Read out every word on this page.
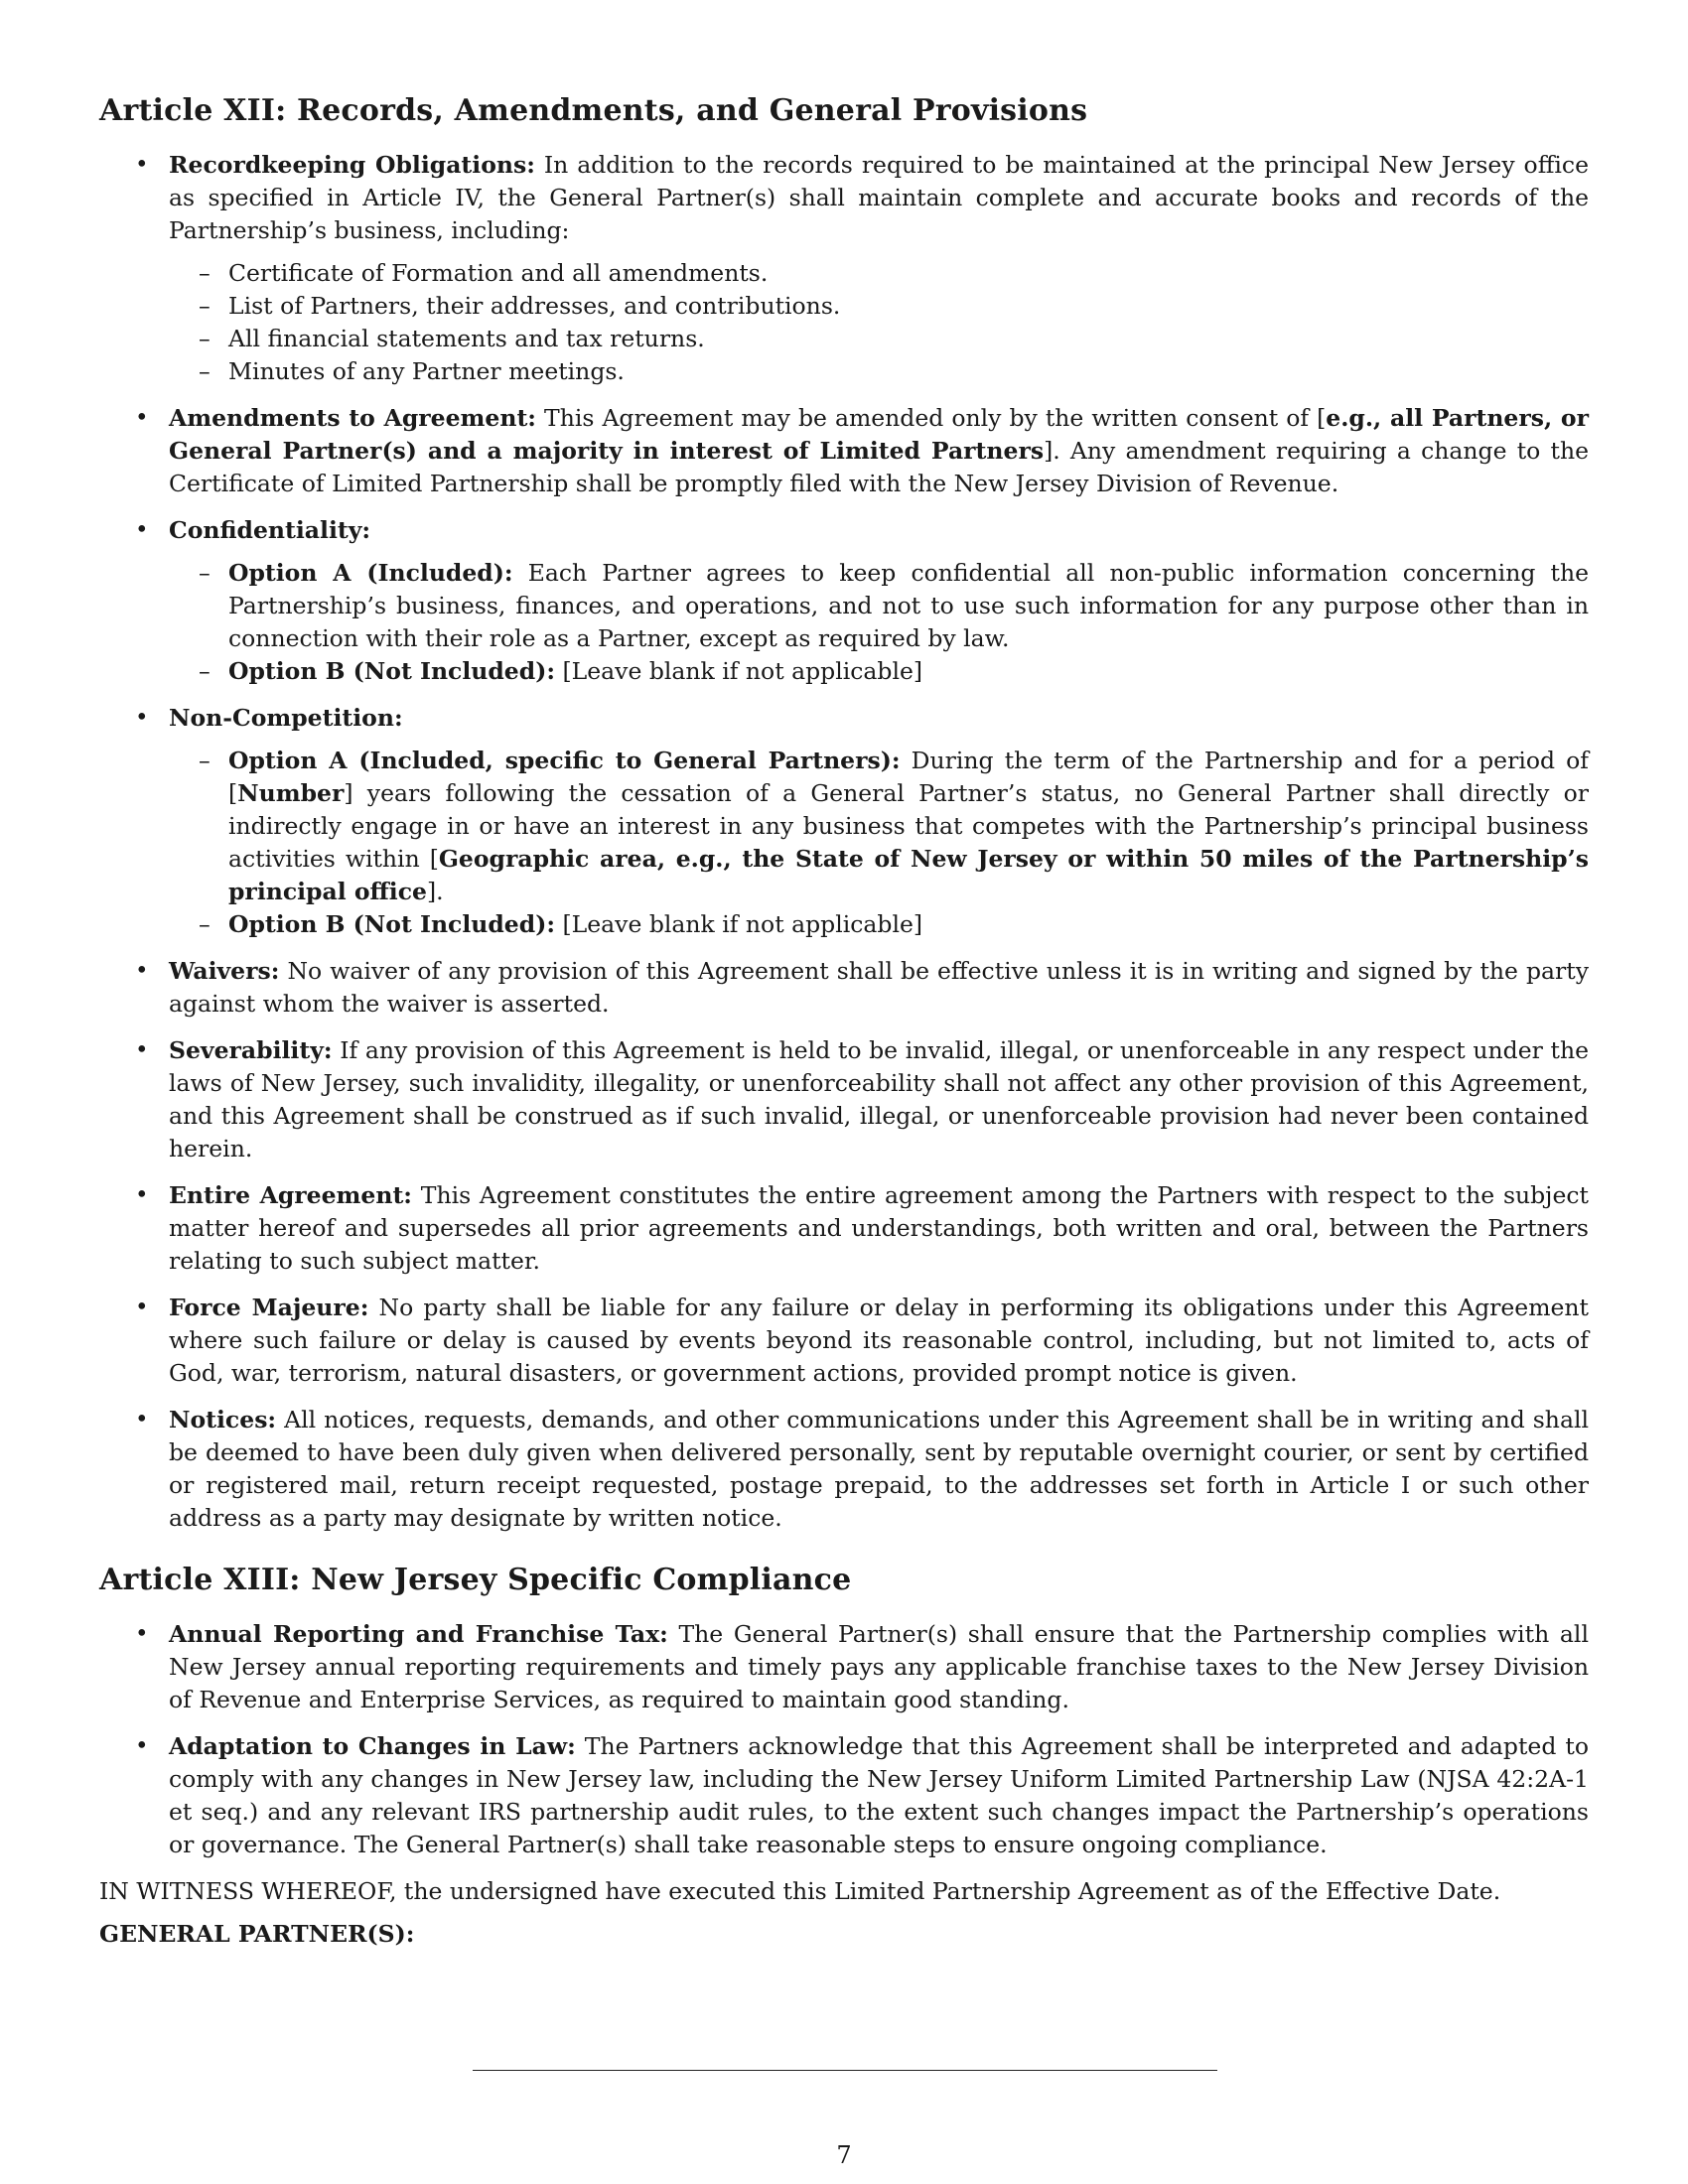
Article XII: Records, Amendments, and General Provisions
• Recordkeeping Obligations: In addition to the records required to be maintained at the principal New Jersey office as specified in Article IV, the General Partner(s) shall maintain complete and accurate books and records of the Partnership’s business, including:
– Certificate of Formation and all amendments.
– List of Partners, their addresses, and contributions.
– All financial statements and tax returns.
– Minutes of any Partner meetings.
• Amendments to Agreement: This Agreement may be amended only by the written consent of [e.g., all Partners, or General Partner(s) and a majority in interest of Limited Partners]. Any amendment requiring a change to the Certificate of Limited Partnership shall be promptly filed with the New Jersey Division of Revenue.
• Confidentiality:
– Option A (Included): Each Partner agrees to keep confidential all non-public information concerning the Partnership’s business, finances, and operations, and not to use such information for any purpose other than in connection with their role as a Partner, except as required by law.
– Option B (Not Included): [Leave blank if not applicable]
• Non-Competition:
– Option A (Included, specific to General Partners): During the term of the Partnership and for a period of [Number] years following the cessation of a General Partner’s status, no General Partner shall directly or indirectly engage in or have an interest in any business that competes with the Partnership’s principal business activities within [Geographic area, e.g., the State of New Jersey or within 50 miles of the Partnership’s principal office].
– Option B (Not Included): [Leave blank if not applicable]
• Waivers: No waiver of any provision of this Agreement shall be effective unless it is in writing and signed by the party against whom the waiver is asserted.
• Severability: If any provision of this Agreement is held to be invalid, illegal, or unenforceable in any respect under the laws of New Jersey, such invalidity, illegality, or unenforceability shall not affect any other provision of this Agreement, and this Agreement shall be construed as if such invalid, illegal, or unenforceable provision had never been contained herein.
• Entire Agreement: This Agreement constitutes the entire agreement among the Partners with respect to the subject matter hereof and supersedes all prior agreements and understandings, both written and oral, between the Partners relating to such subject matter.
• Force Majeure: No party shall be liable for any failure or delay in performing its obligations under this Agreement where such failure or delay is caused by events beyond its reasonable control, including, but not limited to, acts of God, war, terrorism, natural disasters, or government actions, provided prompt notice is given.
• Notices: All notices, requests, demands, and other communications under this Agreement shall be in writing and shall be deemed to have been duly given when delivered personally, sent by reputable overnight courier, or sent by certified or registered mail, return receipt requested, postage prepaid, to the addresses set forth in Article I or such other address as a party may designate by written notice.
Article XIII: New Jersey Specific Compliance
• Annual Reporting and Franchise Tax: The General Partner(s) shall ensure that the Partnership complies with all New Jersey annual reporting requirements and timely pays any applicable franchise taxes to the New Jersey Division of Revenue and Enterprise Services, as required to maintain good standing.
• Adaptation to Changes in Law: The Partners acknowledge that this Agreement shall be interpreted and adapted to comply with any changes in New Jersey law, including the New Jersey Uniform Limited Partnership Law (NJSA 42:2A-1 et seq.) and any relevant IRS partnership audit rules, to the extent such changes impact the Partnership’s operations or governance. The General Partner(s) shall take reasonable steps to ensure ongoing compliance.

IN WITNESS WHEREOF, the undersigned have executed this Limited Partnership Agreement as of the Effective Date.

GENERAL PARTNER(S):

7
